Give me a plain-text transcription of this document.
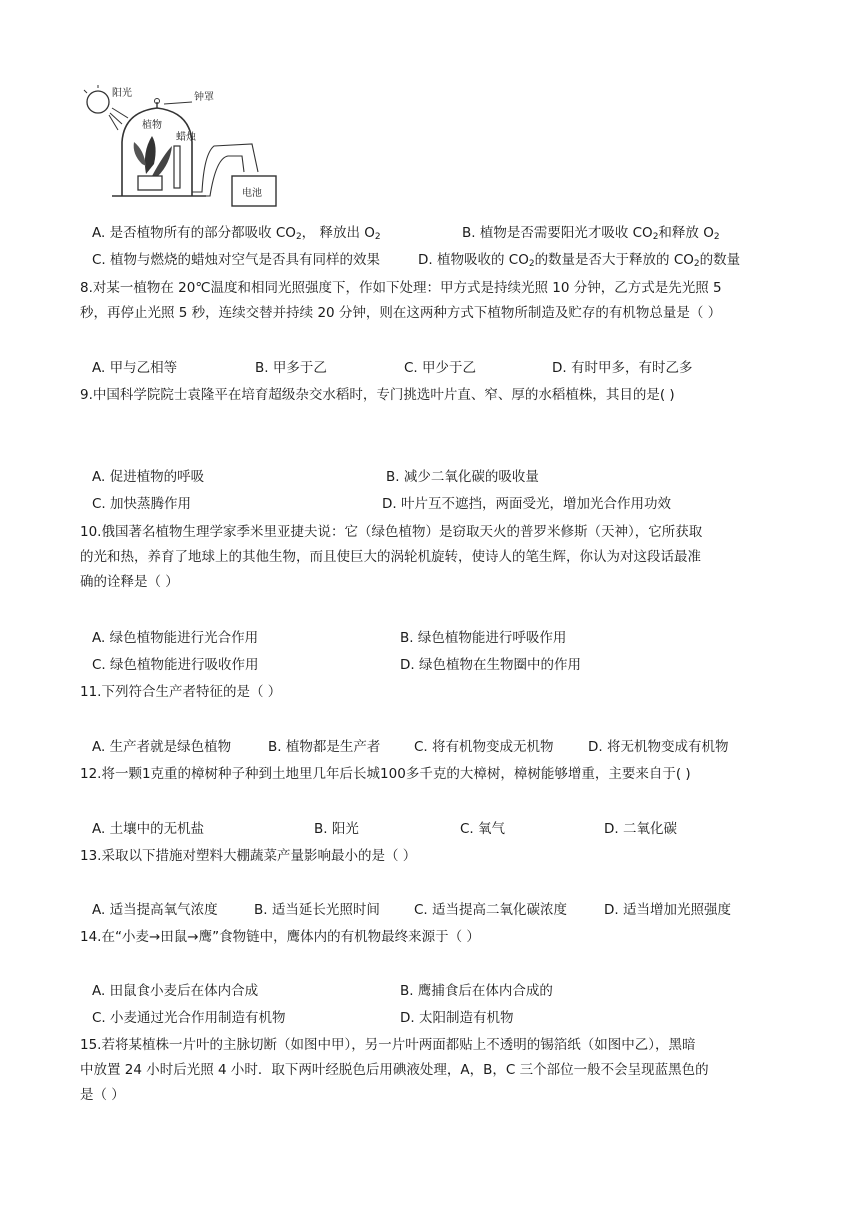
阳光	钟罩
植物
蜡烛
电池
A. 是否植物所有的部分都吸收 $CO_2$， 释放出 $O_2$	B. 植物是否需要阳光才吸收 $CO_2$和释放 $O_2$
C. 植物与燃烧的蜡烛对空气是否具有同样的效果	D. 植物吸收的 $CO_2$的数量是否大于释放的 $CO_2$的数量
8.对某一植物在 20℃温度和相同光照强度下，作如下处理：甲方式是持续光照 10 分钟，乙方式是先光照 5
秒，再停止光照 5 秒，连续交替并持续 20 分钟，则在这两种方式下植物所制造及贮存的有机物总量是（ ）
A. 甲与乙相等	B. 甲多于乙	C. 甲少于乙	D. 有时甲多，有时乙多
9.中国科学院院士袁隆平在培育超级杂交水稻时，专门挑选叶片直、窄、厚的水稻植株，其目的是( )
A. 促进植物的呼吸	B. 减少二氧化碳的吸收量
C. 加快蒸腾作用	D. 叶片互不遮挡，两面受光，增加光合作用功效
10.俄国著名植物生理学家季米里亚捷夫说：它（绿色植物）是窃取天火的普罗米修斯（天神），它所获取
的光和热，养育了地球上的其他生物，而且使巨大的涡轮机旋转，使诗人的笔生辉，你认为对这段话最准
确的诠释是（ ）
A. 绿色植物能进行光合作用	B. 绿色植物能进行呼吸作用
C. 绿色植物能进行吸收作用	D. 绿色植物在生物圈中的作用
11.下列符合生产者特征的是（ ）
A. 生产者就是绿色植物	B. 植物都是生产者 C. 将有机物变成无机物	D. 将无机物变成有机物
12.将一颗1克重的樟树种子种到土地里几年后长城100多千克的大樟树，樟树能够增重，主要来自于( )
A. 土壤中的无机盐	B. 阳光	C. 氧气	D. 二氧化碳
13.采取以下措施对塑料大棚蔬菜产量影响最小的是（ ）
A. 适当提高氧气浓度	B. 适当延长光照时间	C. 适当提高二氧化碳浓度	D. 适当增加光照强度
14.在“小麦→田鼠→鹰”食物链中，鹰体内的有机物最终来源于（ ）
A. 田鼠食小麦后在体内合成	B. 鹰捕食后在体内合成的
C. 小麦通过光合作用制造有机物	D. 太阳制造有机物
15.若将某植株一片叶的主脉切断（如图中甲），另一片叶两面都贴上不透明的锡箔纸（如图中乙），黑暗
中放置 24 小时后光照 4 小时．取下两叶经脱色后用碘液处理，A，B，C 三个部位一般不会呈现蓝黑色的
是（ ）
